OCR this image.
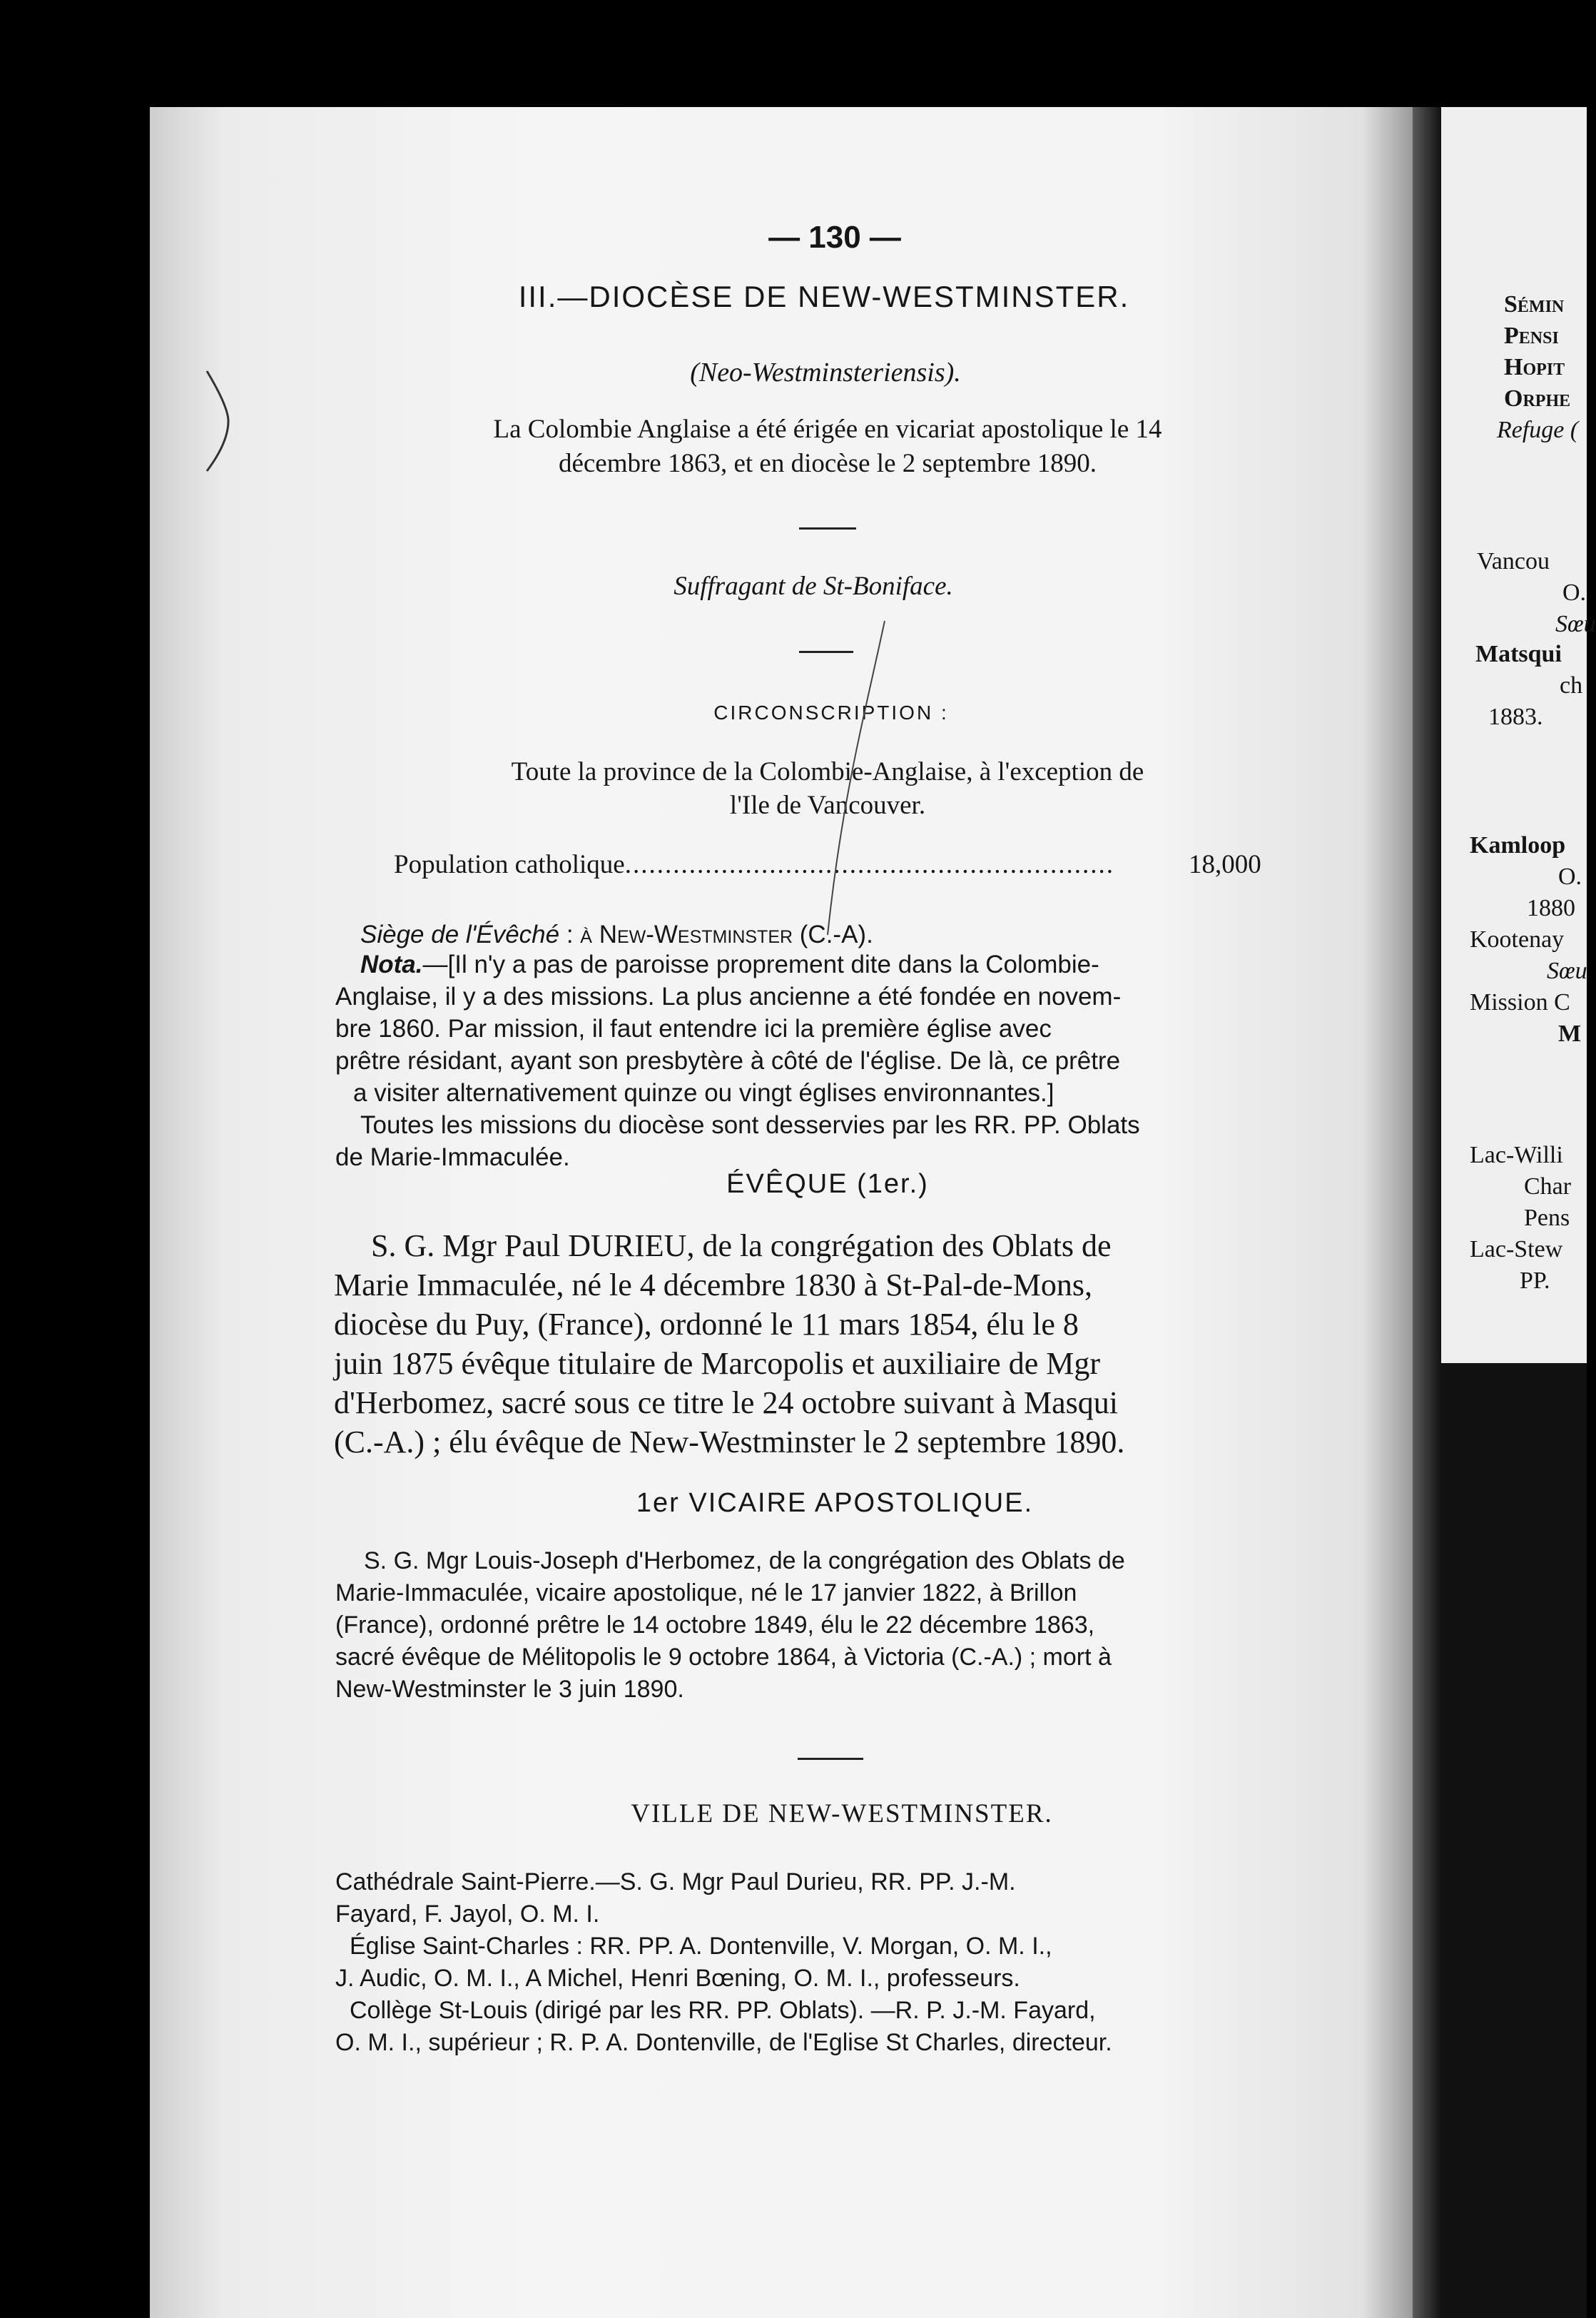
— 130 —
III.—DIOCÈSE DE NEW-WESTMINSTER.
(Neo-Westminsteriensis).
La Colombie Anglaise a été érigée en vicariat apostolique le 14
décembre 1863, et en diocèse le 2 septembre 1890.
Suffragant de St-Boniface.
CIRCONSCRIPTION :
Toute la province de la Colombie-Anglaise, à l'exception de
l'Ile de Vancouver.
Population catholique.............................................................	18,000
Siège de l'Évêché : à New-Westminster (C.-A).
Nota.—[Il n'y a pas de paroisse proprement dite dans la Colombie-
Anglaise, il y a des missions. La plus ancienne a été fondée en novem-
bre 1860. Par mission, il faut entendre ici la première église avec
prêtre résidant, ayant son presbytère à côté de l'église. De là, ce prêtre
a visiter alternativement quinze ou vingt églises environnantes.]
Toutes les missions du diocèse sont desservies par les RR. PP. Oblats
de Marie-Immaculée.
ÉVÊQUE (1er.)
S. G. Mgr Paul DURIEU, de la congrégation des Oblats de
Marie Immaculée, né le 4 décembre 1830 à St-Pal-de-Mons,
diocèse du Puy, (France), ordonné le 11 mars 1854, élu le 8
juin 1875 évêque titulaire de Marcopolis et auxiliaire de Mgr
d'Herbomez, sacré sous ce titre le 24 octobre suivant à Masqui
(C.-A.) ; élu évêque de New-Westminster le 2 septembre 1890.
1er VICAIRE APOSTOLIQUE.
S. G. Mgr Louis-Joseph d'Herbomez, de la congrégation des Oblats de
Marie-Immaculée, vicaire apostolique, né le 17 janvier 1822, à Brillon
(France), ordonné prêtre le 14 octobre 1849, élu le 22 décembre 1863,
sacré évêque de Mélitopolis le 9 octobre 1864, à Victoria (C.-A.) ; mort à
New-Westminster le 3 juin 1890.
VILLE DE NEW-WESTMINSTER.
Cathédrale Saint-Pierre.—S. G. Mgr Paul Durieu, RR. PP. J.-M.
Fayard, F. Jayol, O. M. I.
Église Saint-Charles : RR. PP. A. Dontenville, V. Morgan, O. M. I.,
J. Audic, O. M. I., A Michel, Henri Bœning, O. M. I., professeurs.
Collège St-Louis (dirigé par les RR. PP. Oblats). —R. P. J.-M. Fayard,
O. M. I., supérieur ; R. P. A. Dontenville, de l'Eglise St Charles, directeur.
Sémin
Pensi
Hopit
Orphe
Refuge (
Vancou
O.
Sœu
Matsqui
ch
1883.
Kamloop
O.
1880
Kootenay
Sœu
Mission C
M
Lac-Willi
Char
Pens
Lac-Stew
PP.
